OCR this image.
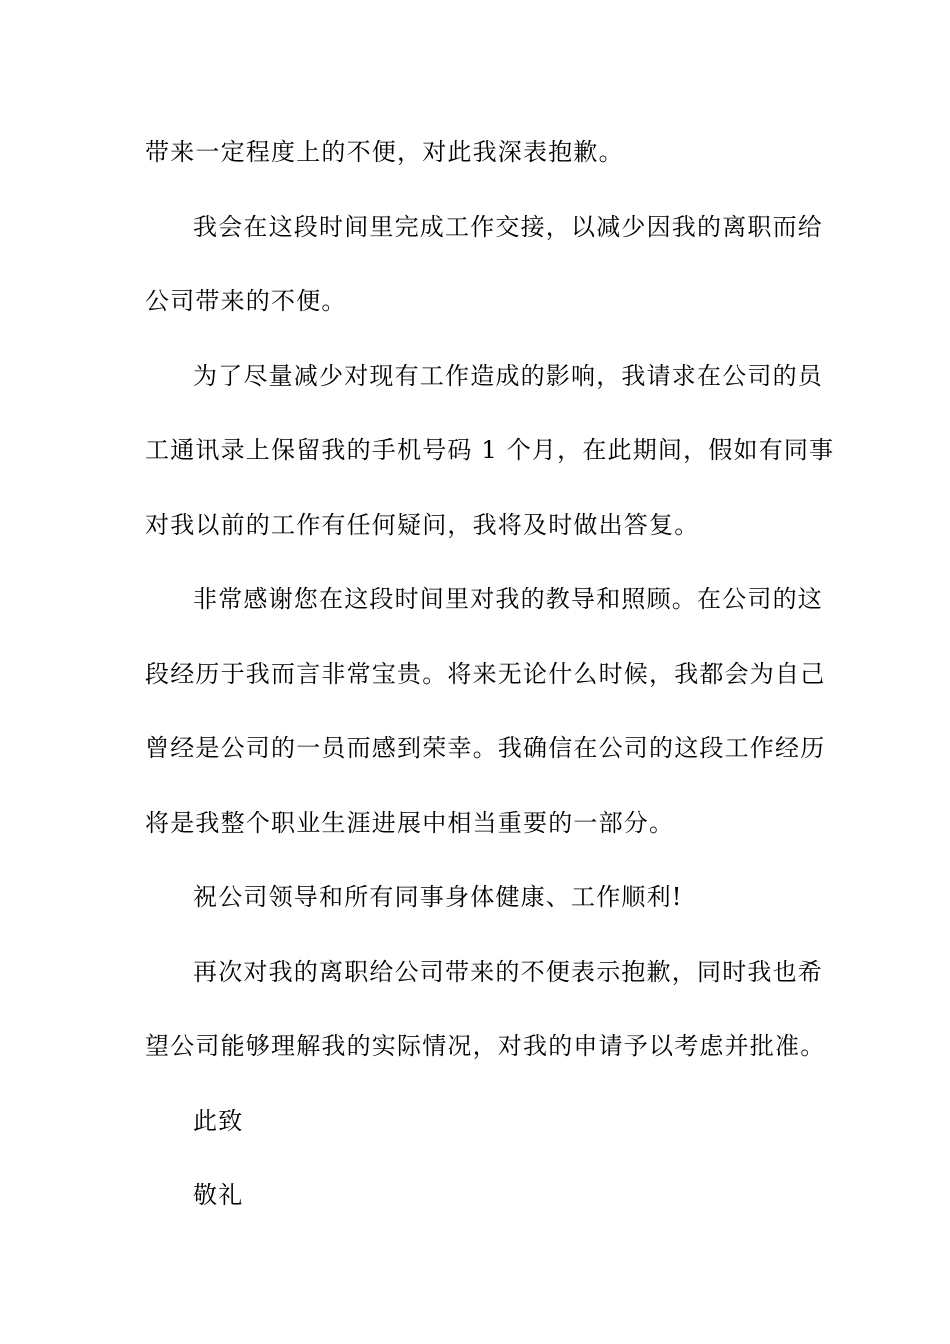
带来一定程度上的不便，对此我深表抱歉。
我会在这段时间里完成工作交接，以减少因我的离职而给
公司带来的不便。
为了尽量减少对现有工作造成的影响，我请求在公司的员
工通讯录上保留我的手机号码 1 个月，在此期间，假如有同事
对我以前的工作有任何疑问，我将及时做出答复。
非常感谢您在这段时间里对我的教导和照顾。在公司的这
段经历于我而言非常宝贵。将来无论什么时候，我都会为自己
曾经是公司的一员而感到荣幸。我确信在公司的这段工作经历
将是我整个职业生涯进展中相当重要的一部分。
祝公司领导和所有同事身体健康、工作顺利!
再次对我的离职给公司带来的不便表示抱歉，同时我也希
望公司能够理解我的实际情况，对我的申请予以考虑并批准。
此致
敬礼
